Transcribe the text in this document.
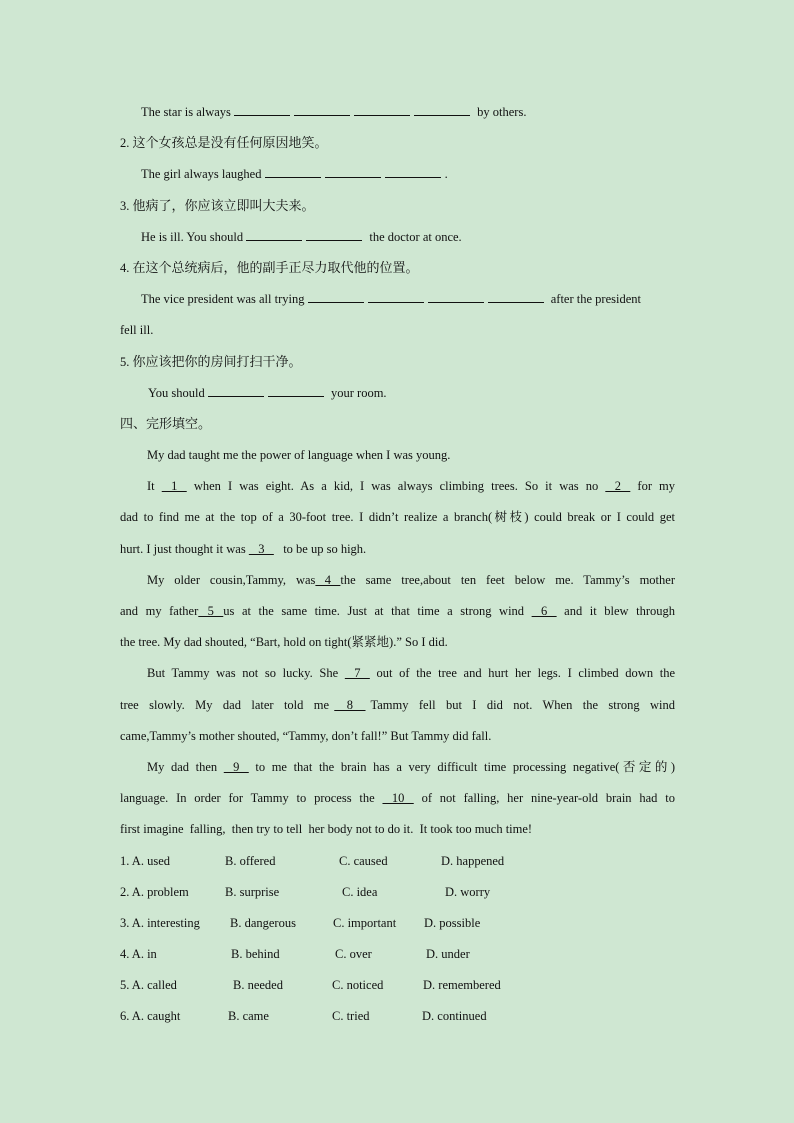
The star is always	by others.
2. 这个女孩总是没有任何原因地笑。
The girl always laughed	.
3. 他病了，你应该立即叫大夫来。
He is ill. You should	the doctor at once.
4. 在这个总统病后，他的副手正尽力取代他的位置。
The vice president was all trying	after the president
fell ill.
5. 你应该把你的房间打扫干净。
You should	your room.
四、完形填空。
My dad taught me the power of language when I was young.
It    1    when I was eight. As a kid, I was always climbing trees. So it was no    2    for my
dad to find me at the top of a 30-foot tree. I didn’t realize a branch(树枝) could break or I could get
hurt. I just thought it was    3      to be up so high.
My older cousin,Tammy, was   4   the same tree,about ten feet below me. Tammy’s mother
and my father   5   us at the same time. Just at that time a strong wind    6    and it blew through
the tree. My dad shouted, “Bart, hold on tight(紧紧地).” So I did.
But Tammy was not so lucky. She    7    out of the tree and hurt her legs. I climbed down the
tree  slowly.  My  dad  later  told  me     8     Tammy  fell  but  I  did  not.  When  the  strong  wind
came,Tammy’s mother shouted, “Tammy, don’t fall!” But Tammy did fall.
My dad then    9    to me that the brain has a very difficult time processing negative(否定的)
language. In order for Tammy to process the    10    of not falling, her nine-year-old brain had to
first imagine  falling,  then try to tell  her body not to do it.  It took too much time!
1. A. used	B. offered	C. caused	D. happened
2. A. problem	B. surprise	C. idea	D. worry
3. A. interesting B. dangerous	C. important D. possible
4. A. in	B. behind	C. over	D. under
5. A. called	B. needed	C. noticed	D. remembered
6. A. caught	B. came	C. tried	D. continued
